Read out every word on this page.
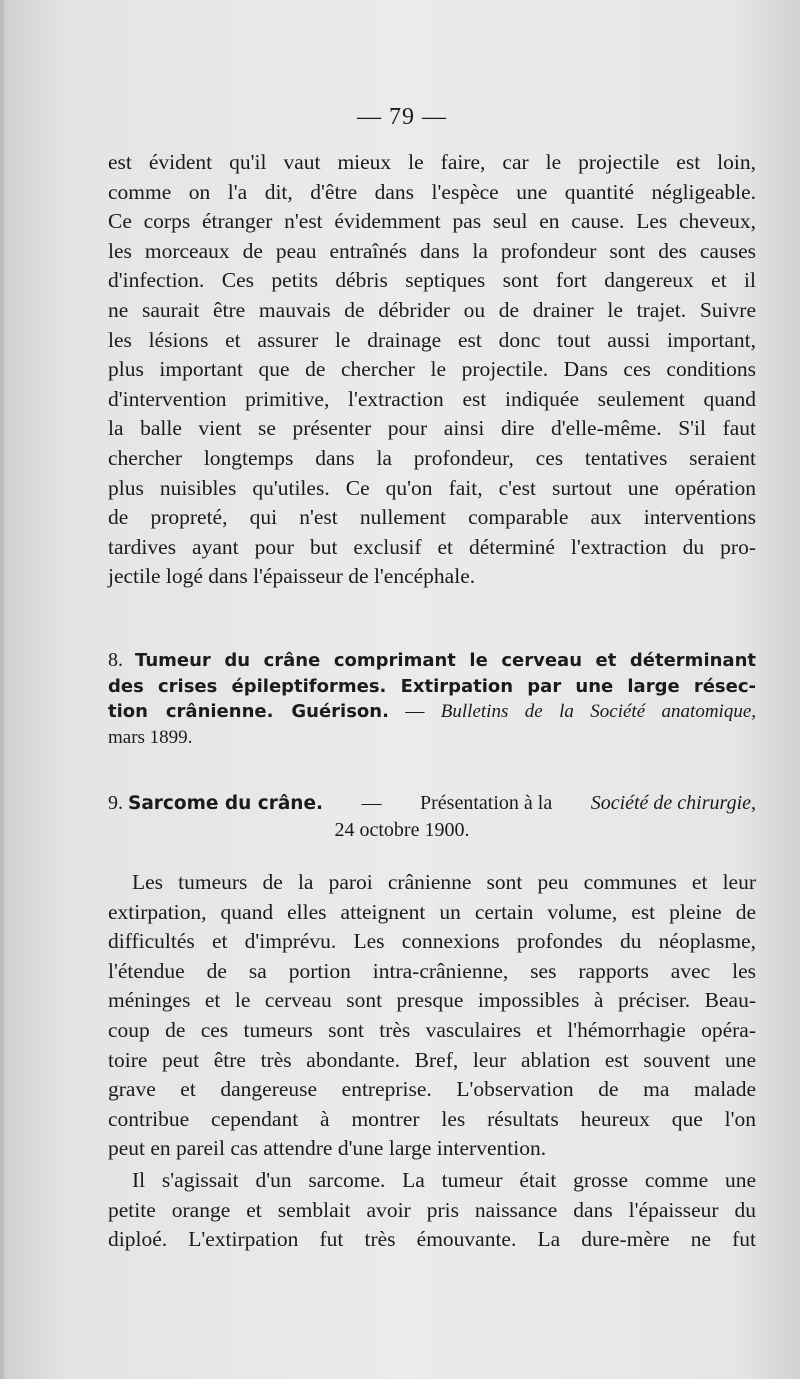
— 79 —
est évident qu'il vaut mieux le faire, car le projectile est loin,
comme on l'a dit, d'être dans l'espèce une quantité négligeable.
Ce corps étranger n'est évidemment pas seul en cause. Les cheveux,
les morceaux de peau entraînés dans la profondeur sont des causes
d'infection. Ces petits débris septiques sont fort dangereux et il
ne saurait être mauvais de débrider ou de drainer le trajet. Suivre
les lésions et assurer le drainage est donc tout aussi important,
plus important que de chercher le projectile. Dans ces conditions
d'intervention primitive, l'extraction est indiquée seulement quand
la balle vient se présenter pour ainsi dire d'elle-même. S'il faut
chercher longtemps dans la profondeur, ces tentatives seraient
plus nuisibles qu'utiles. Ce qu'on fait, c'est surtout une opération
de propreté, qui n'est nullement comparable aux interventions
tardives ayant pour but exclusif et déterminé l'extraction du pro-
jectile logé dans l'épaisseur de l'encéphale.
8. Tumeur du crâne comprimant le cerveau et déterminant
des crises épileptiformes. Extirpation par une large résec-
tion crânienne. Guérison. — Bulletins de la Société anatomique,
mars 1899.
9. Sarcome du crâne. — Présentation à la Société de chirurgie,
24 octobre 1900.
Les tumeurs de la paroi crânienne sont peu communes et leur
extirpation, quand elles atteignent un certain volume, est pleine de
difficultés et d'imprévu. Les connexions profondes du néoplasme,
l'étendue de sa portion intra-crânienne, ses rapports avec les
méninges et le cerveau sont presque impossibles à préciser. Beau-
coup de ces tumeurs sont très vasculaires et l'hémorrhagie opéra-
toire peut être très abondante. Bref, leur ablation est souvent une
grave et dangereuse entreprise. L'observation de ma malade
contribue cependant à montrer les résultats heureux que l'on
peut en pareil cas attendre d'une large intervention.
Il s'agissait d'un sarcome. La tumeur était grosse comme une
petite orange et semblait avoir pris naissance dans l'épaisseur du
diploé. L'extirpation fut très émouvante. La dure-mère ne fut
